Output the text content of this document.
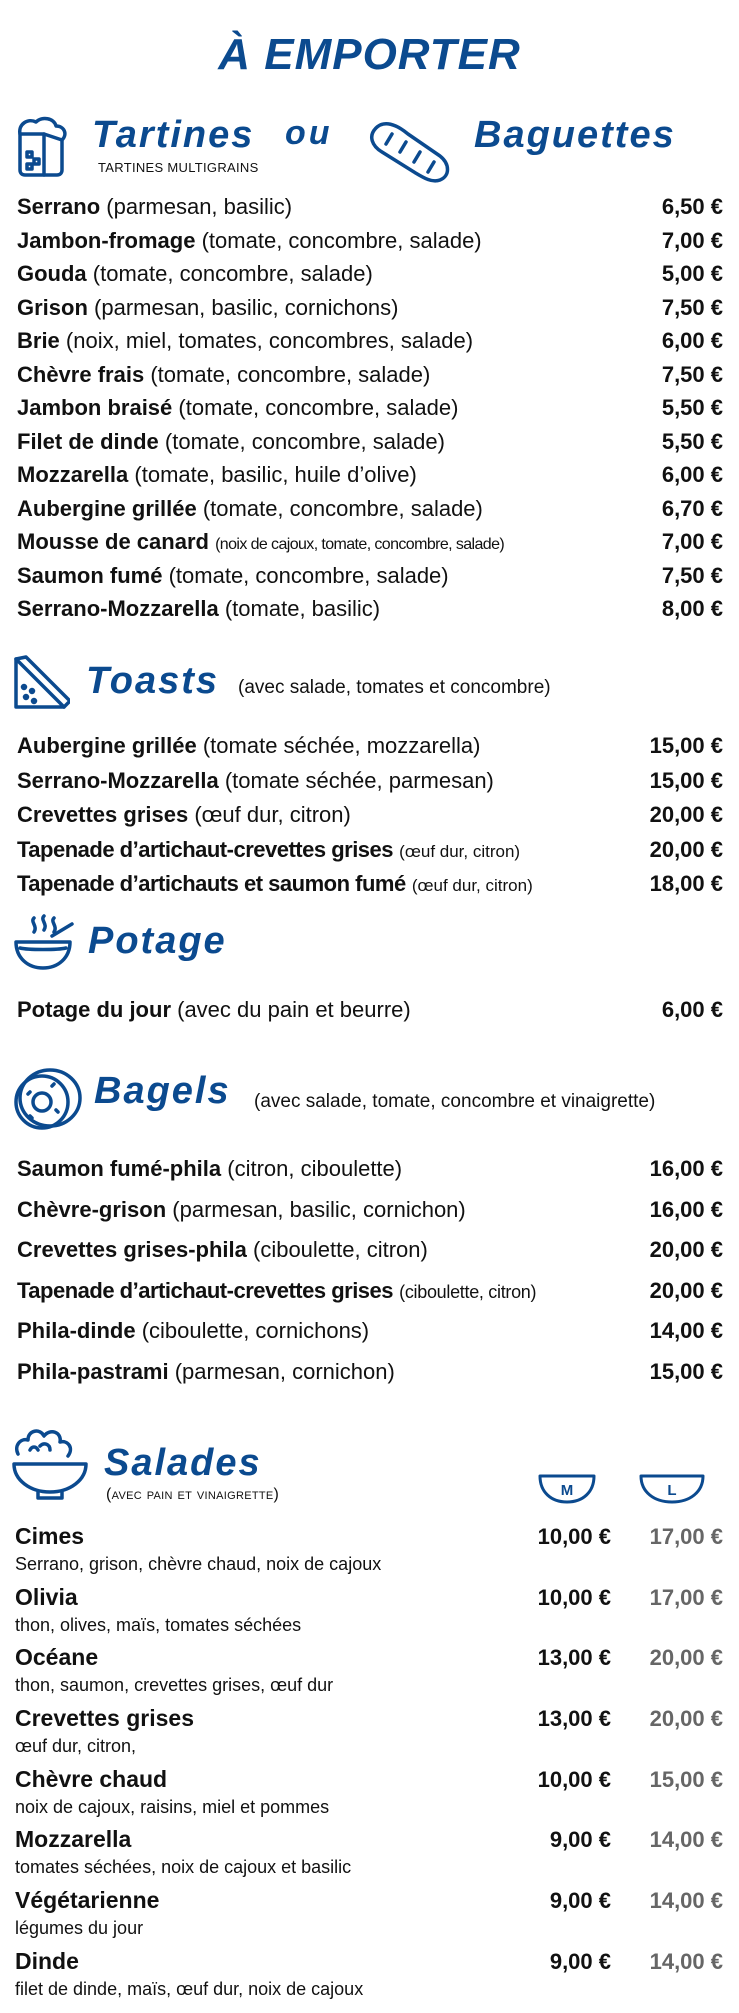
À EMPORTER
Tartines ou	Baguettes
TARTINES MULTIGRAINS
Serrano (parmesan, basilic)	6,50 €
Jambon-fromage (tomate, concombre, salade)	7,00 €
Gouda (tomate, concombre, salade)	5,00 €
Grison (parmesan, basilic, cornichons)	7,50 €
Brie (noix, miel, tomates, concombres, salade)	6,00 €
Chèvre frais (tomate, concombre, salade)	7,50 €
Jambon braisé (tomate, concombre, salade)	5,50 €
Filet de dinde (tomate, concombre, salade)	5,50 €
Mozzarella (tomate, basilic, huile d’olive)	6,00 €
Aubergine grillée (tomate, concombre, salade)	6,70 €
Mousse de canard (noix de cajoux, tomate, concombre, salade)	7,00 €
Saumon fumé (tomate, concombre, salade)	7,50 €
Serrano-Mozzarella (tomate, basilic)	8,00 €
Toasts (avec salade, tomates et concombre)
Aubergine grillée (tomate séchée, mozzarella)	15,00 €
Serrano-Mozzarella (tomate séchée, parmesan)	15,00 €
Crevettes grises (œuf dur, citron)	20,00 €
Tapenade d’artichaut-crevettes grises (œuf dur, citron)	20,00 €
Tapenade d’artichauts et saumon fumé (œuf dur, citron)	18,00 €
Potage
Potage du jour (avec du pain et beurre)	6,00 €
Bagels (avec salade, tomate, concombre et vinaigrette)
Saumon fumé-phila (citron, ciboulette)	16,00 €
Chèvre-grison (parmesan, basilic, cornichon)	16,00 €
Crevettes grises-phila (ciboulette, citron)	20,00 €
Tapenade d’artichaut-crevettes grises (ciboulette, citron)	20,00 €
Phila-dinde (ciboulette, cornichons)	14,00 €
Phila-pastrami (parmesan, cornichon)	15,00 €
Salades
(avec pain et vinaigrette)	M	L
Cimes	10,00 €	17,00 €
Serrano, grison, chèvre chaud, noix de cajoux
Olivia	10,00 €	17,00 €
thon, olives, maïs, tomates séchées
Océane	13,00 €	20,00 €
thon, saumon, crevettes grises, œuf dur
Crevettes grises	13,00 €	20,00 €
œuf dur, citron,
Chèvre chaud	10,00 €	15,00 €
noix de cajoux, raisins, miel et pommes
Mozzarella	9,00 €	14,00 €
tomates séchées, noix de cajoux et basilic
Végétarienne	9,00 €	14,00 €
légumes du jour
Dinde	9,00 €	14,00 €
filet de dinde, maïs, œuf dur, noix de cajoux
